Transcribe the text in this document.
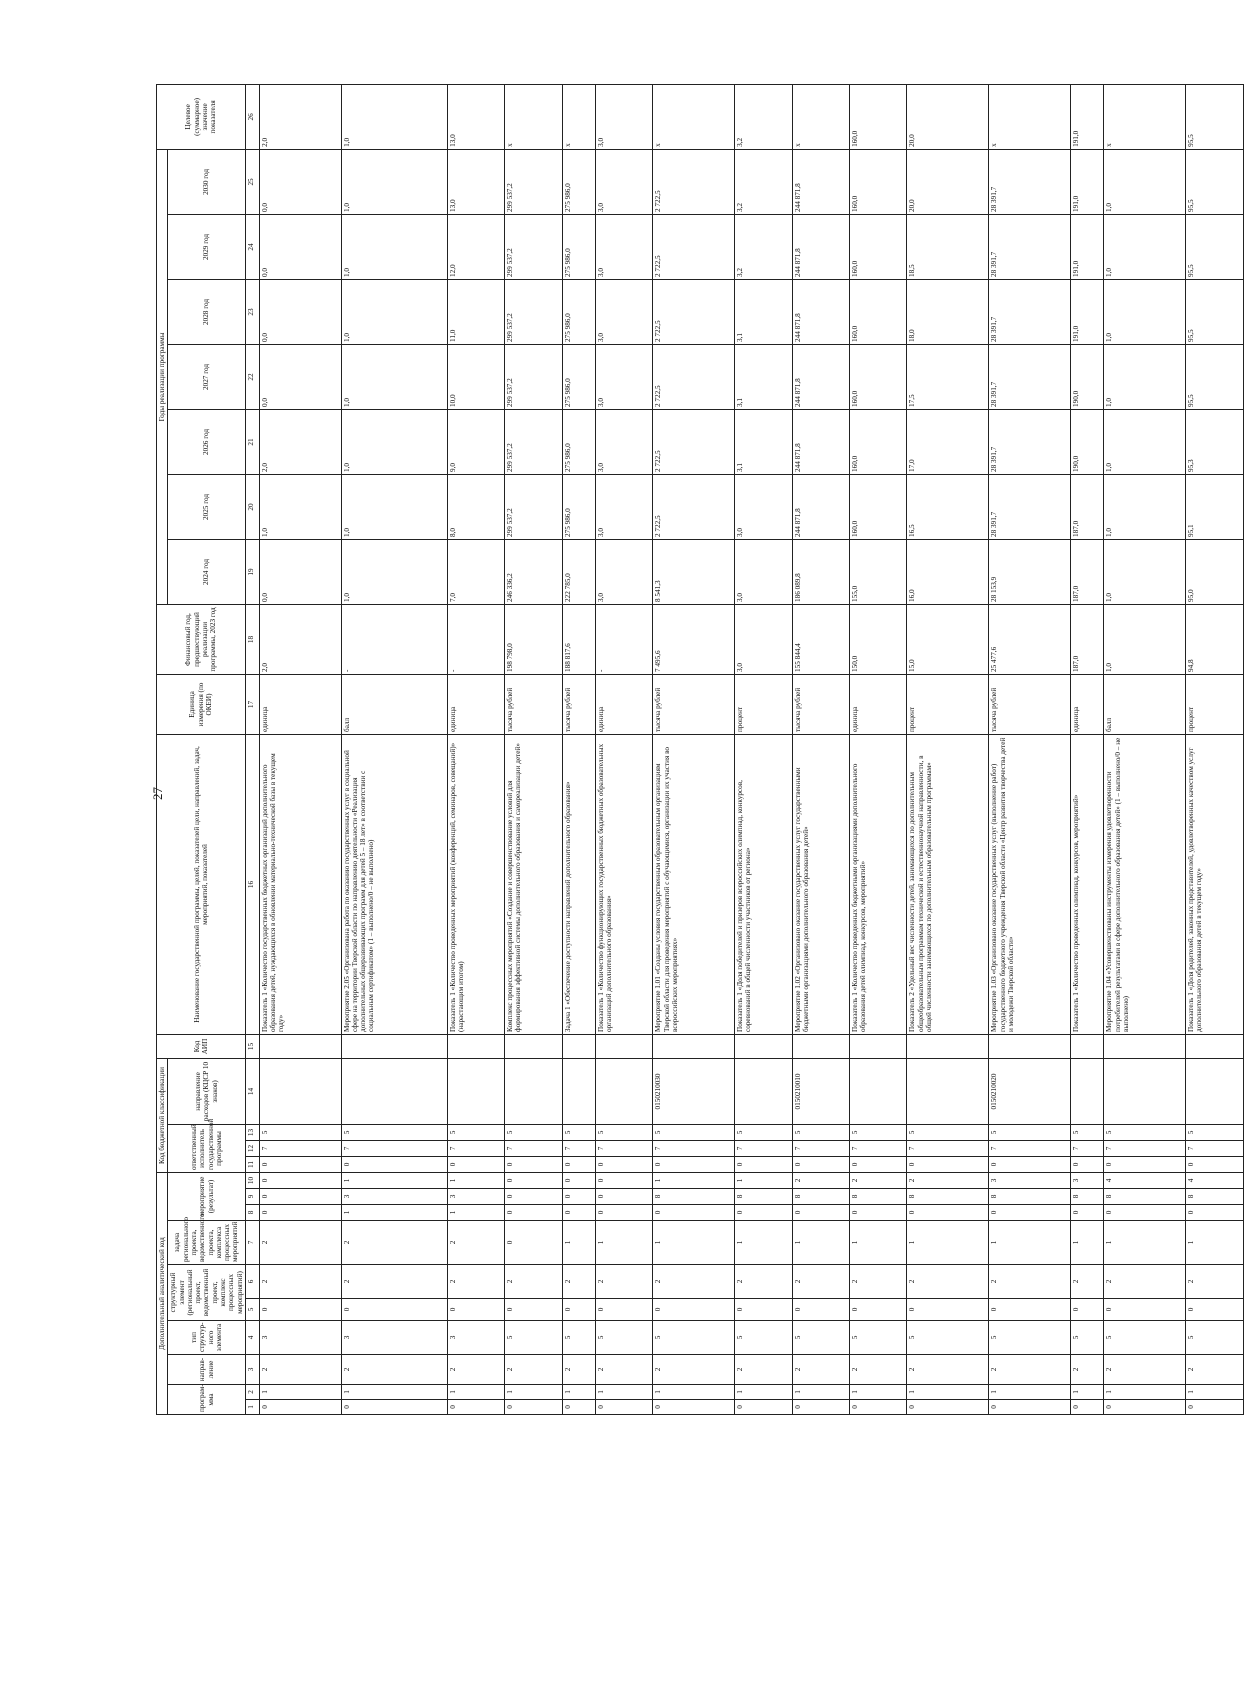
27
Дополнительный аналитический код										Код бюджетной классификации				Код АИП	Наименование государственной программы, целей, показателей цели, направлений, задач, мероприятий, показателей	Единица измерения (по ОКЕИ)	Финансовый год, предшествующий реализации программы, 2023 год	Годы реализации программы							Целевое (суммарное) значение показателя
програм-мма		направ-ление	тип структур-ного элемента	структурный элемент (региональный проект, ведомственный проект, комплекс процессных мероприятий)		задача регионального проекта, ведомственного проекта, комплекса процессных мероприятий	мероприятие (результат)			ответственный исполнитель государственной программы			направление расходов (КЦСР 10 знаков)					2024 год	2025 год	2026 год	2027 год	2028 год	2029 год	2030 год	

1	2	3	4	5	6	7	8	9	10	11	12	13	14	15	16	17	18	19	20	21	22	23	24	25	26
0	1	2	3	0	2	2	0	0	0	0	7	5			Показатель 1 «Количество государственных бюджетных организаций дополнительного образования детей, нуждающихся в обновлении материально-технической базы в текущем году»	единица	2,0	0,0	1,0	2,0	0,0	0,0	0,0	0,0	2,0
0	1	2	3	0	2	2	1	3	1	0	7	5			Мероприятие 2.05 «Организована работа по оказанию государственных услуг в социальной сфере на территории Тверской области по направлению деятельности «Реализация дополнительных общеразвивающих программ для детей 5 – 18 лет» в соответствии с социальным сертификатом» (1 – выполнено/0 – не выполнено)	балл	-	1,0	1,0	1,0	1,0	1,0	1,0	1,0	1,0
0	1	2	3	0	2	2	1	3	1	0	7	5			Показатель 1 «Количество проведенных мероприятий (конференций, семинаров, совещаний)» (нарастающим итогом)	единица	-	7,0	8,0	9,0	10,0	11,0	12,0	13,0	13,0
0	1	2	5	0	2	0	0	0	0	0	7	5			Комплекс процессных мероприятий «Создание и совершенствование условий для формирования эффективной системы дополнительного образования и самореализации детей»	тысяча рублей	198 798,0	246 336,2	299 537,2	299 537,2	299 537,2	299 537,2	299 537,2	299 537,2	x
0	1	2	5	0	2	1	0	0	0	0	7	5			Задача 1 «Обеспечение доступности направлений дополнительного образования»	тысяча рублей	188 817,6	222 785,0	275 986,0	275 986,0	275 986,0	275 986,0	275 986,0	275 986,0	x
0	1	2	5	0	2	1	0	0	0	0	7	5			Показатель 1 «Количество функционирующих государственных бюджетных образовательных организаций дополнительного образования»	единица	-	3,0	3,0	3,0	3,0	3,0	3,0	3,0	3,0
0	1	2	5	0	2	1	0	8	1	0	7	5	0150210030		Мероприятие 1.01 «Созданы условия государственным образовательным организациям Тверской области для проведения мероприятий с обучающимися, организации их участия во всероссийских мероприятиях»	тысяча рублей	7 495,6	8 541,3	2 722,5	2 722,5	2 722,5	2 722,5	2 722,5	2 722,5	x
0	1	2	5	0	2	1	0	8	1	0	7	5			Показатель 1 «Доля победителей и призеров всероссийских олимпиад, конкурсов, соревнований в общей численности участников от региона»	процент	3,0	3,0	3,0	3,1	3,1	3,1	3,2	3,2	3,2
0	1	2	5	0	2	1	0	8	2	0	7	5	0150210010		Мероприятие 1.02 «Организовано оказание государственных услуг государственными бюджетными организациями дополнительного образования детей»	тысяча рублей	155 844,4	186 089,8	244 871,8	244 871,8	244 871,8	244 871,8	244 871,8	244 871,8	x
0	1	2	5	0	2	1	0	8	2	0	7	5			Показатель 1 «Количество проведенных бюджетными организациями дополнительного образования детей олимпиад, конкурсов, мероприятий»	единица	150,0	155,0	160,0	160,0	160,0	160,0	160,0	160,0	160,0
0	1	2	5	0	2	1	0	8	2	0	7	5			Показатель 2 «Удельный вес численности детей, занимающихся по дополнительным общеобразовательным программам технической и естественнонаучной направленности, в общей численности занимающихся по дополнительным образовательным программам»	процент	15,0	16,0	16,5	17,0	17,5	18,0	18,5	20,0	20,0
0	1	2	5	0	2	1	0	8	3	0	7	5	0150210020		Мероприятие 1.03 «Организовано оказание государственных услуг (выполнение работ) государственного бюджетного учреждения Тверской области «Центр развития творчества детей и молодежи Тверской области»	тысяча рублей	25 477,6	28 153,9	28 391,7	28 391,7	28 391,7	28 391,7	28 391,7	28 391,7	x
0	1	2	5	0	2	1	0	8	3	0	7	5			Показатель 1 «Количество проведенных олимпиад, конкурсов, мероприятий»	единица	187,0	187,0	187,0	190,0	190,0	191,0	191,0	191,0	191,0
0	1	2	5	0	2	1	0	8	4	0	7	5			Мероприятие 1.04 «Усовершенствованы инструменты измерения удовлетворенности потребителей результатами в сфере дополнительного образования детей» (1 – выполнено/0 – не выполнено)	балл	1,0	1,0	1,0	1,0	1,0	1,0	1,0	1,0	x
0	1	2	5	0	2	1	0	8	4	0	7	5			Показатель 1 «Доля родителей, законных представителей, удовлетворенных качеством услуг дополнительного образования детей в текущем году»	процент	94,8	95,0	95,1	95,3	95,5	95,5	95,5	95,5	95,5
